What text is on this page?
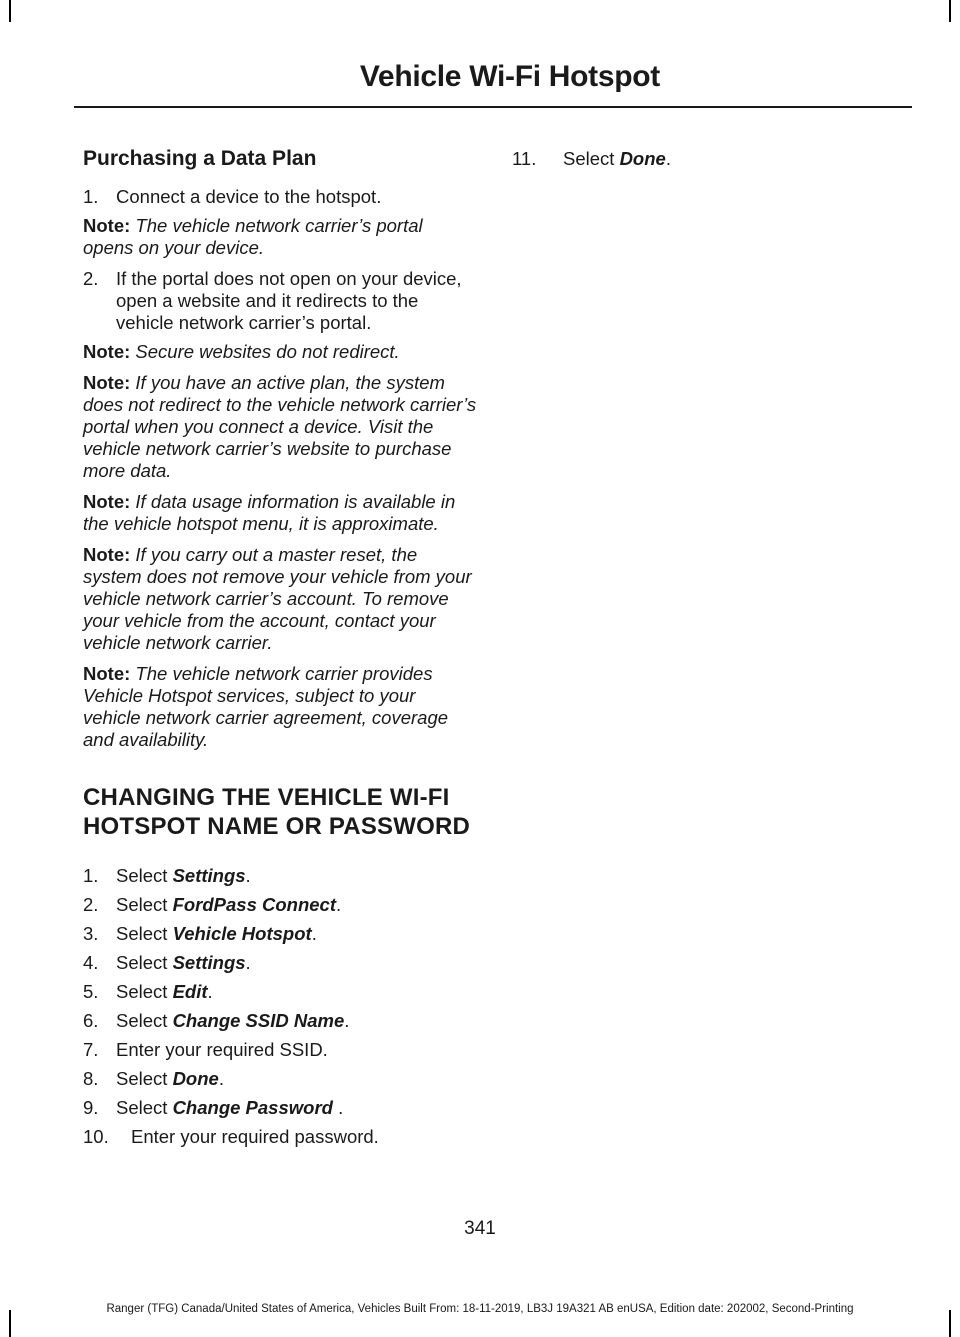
Vehicle Wi-Fi Hotspot
Purchasing a Data Plan
1. Connect a device to the hotspot.

Note: The vehicle network carrier’s portal opens on your device.

2. If the portal does not open on your device, open a website and it redirects to the vehicle network carrier’s portal.

Note: Secure websites do not redirect.

Note: If you have an active plan, the system does not redirect to the vehicle network carrier’s portal when you connect a device. Visit the vehicle network carrier’s website to purchase more data.

Note: If data usage information is available in the vehicle hotspot menu, it is approximate.

Note: If you carry out a master reset, the system does not remove your vehicle from your vehicle network carrier’s account. To remove your vehicle from the account, contact your vehicle network carrier.

Note: The vehicle network carrier provides Vehicle Hotspot services, subject to your vehicle network carrier agreement, coverage and availability.

CHANGING THE VEHICLE WI-FI HOTSPOT NAME OR PASSWORD
1. Select Settings.
2. Select FordPass Connect.
3. Select Vehicle Hotspot.
4. Select Settings.
5. Select Edit.
6. Select Change SSID Name.
7. Enter your required SSID.
8. Select Done.
9. Select Change Password .
10.	Enter your required password.
11.	Select Done.
341
Ranger (TFG) Canada/United States of America, Vehicles Built From: 18-11-2019, LB3J 19A321 AB enUSA, Edition date: 202002, Second-Printing
